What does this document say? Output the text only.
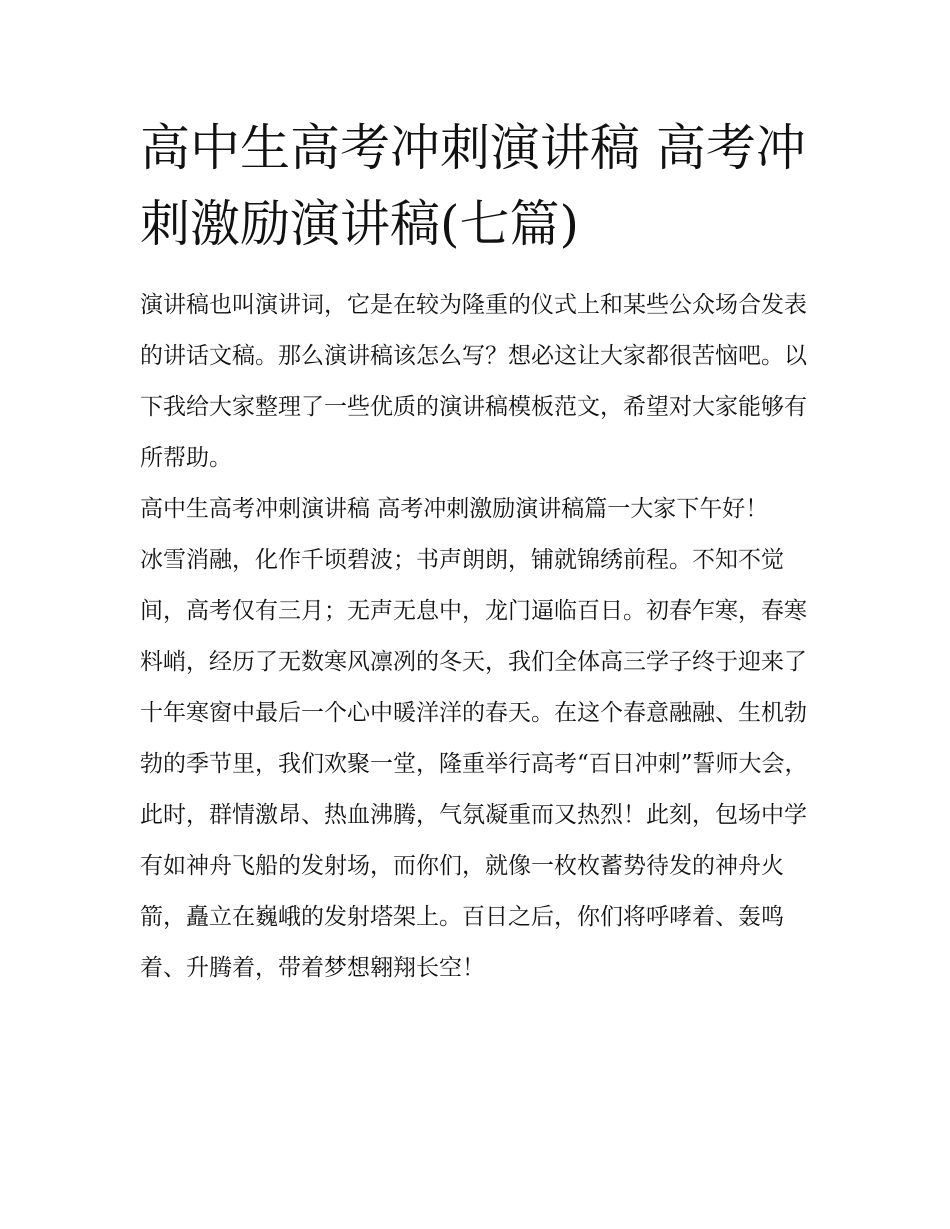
高中生高考冲刺演讲稿 高考冲刺激励演讲稿(七篇)

演讲稿也叫演讲词，它是在较为隆重的仪式上和某些公众场合发表的讲话文稿。那么演讲稿该怎么写？想必这让大家都很苦恼吧。以下我给大家整理了一些优质的演讲稿模板范文，希望对大家能够有所帮助。

高中生高考冲刺演讲稿 高考冲刺激励演讲稿篇一大家下午好！

冰雪消融，化作千顷碧波；书声朗朗，铺就锦绣前程。不知不觉间，高考仅有三月；无声无息中，龙门逼临百日。初春乍寒，春寒料峭，经历了无数寒风凛冽的冬天，我们全体高三学子终于迎来了十年寒窗中最后一个心中暖洋洋的春天。在这个春意融融、生机勃勃的季节里，我们欢聚一堂，隆重举行高考“百日冲刺”誓师大会，此时，群情激昂、热血沸腾，气氛凝重而又热烈！此刻，包场中学有如神舟飞船的发射场，而你们，就像一枚枚蓄势待发的神舟火箭，矗立在巍峨的发射塔架上。百日之后，你们将呼哮着、轰鸣着、升腾着，带着梦想翱翔长空！
